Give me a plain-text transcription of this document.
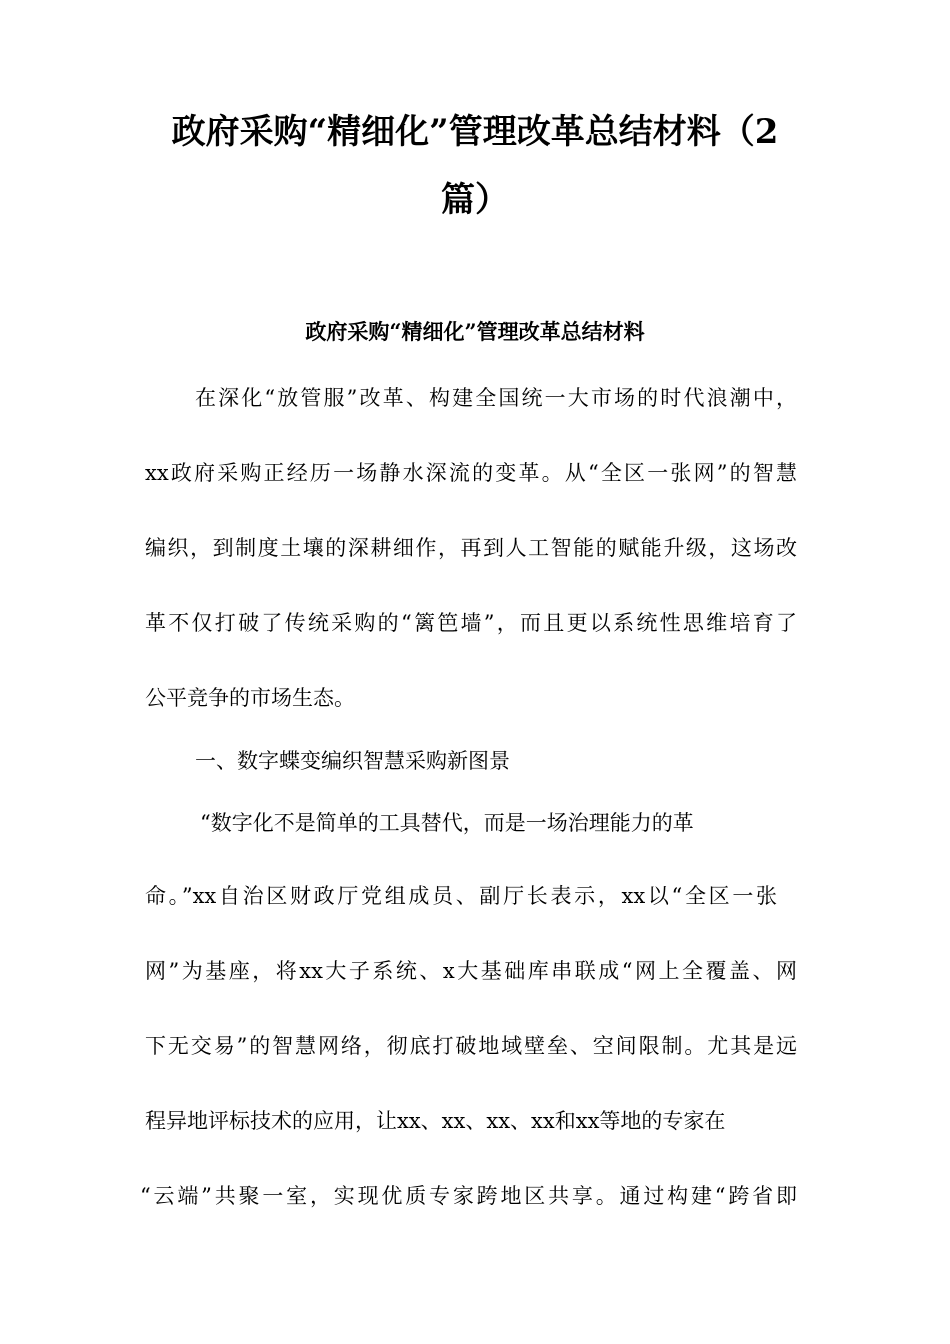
政府采购“精细化”管理改革总结材料（2
篇）
政府采购“精细化”管理改革总结材料
在深化“放管服”改革、构建全国统一大市场的时代浪潮中，
xx政府采购正经历一场静水深流的变革。从“全区一张网”的智慧
编织，到制度土壤的深耕细作，再到人工智能的赋能升级，这场改
革不仅打破了传统采购的“篱笆墙”，而且更以系统性思维培育了
公平竞争的市场生态。
一、数字蝶变编织智慧采购新图景
“数字化不是简单的工具替代，而是一场治理能力的革
命。”xx自治区财政厅党组成员、副厅长表示，xx以“全区一张
网”为基座，将xx大子系统、x大基础库串联成“网上全覆盖、网
下无交易”的智慧网络，彻底打破地域壁垒、空间限制。尤其是远
程异地评标技术的应用，让xx、xx、xx、xx和xx等地的专家在
“云端”共聚一室，实现优质专家跨地区共享。通过构建“跨省即
